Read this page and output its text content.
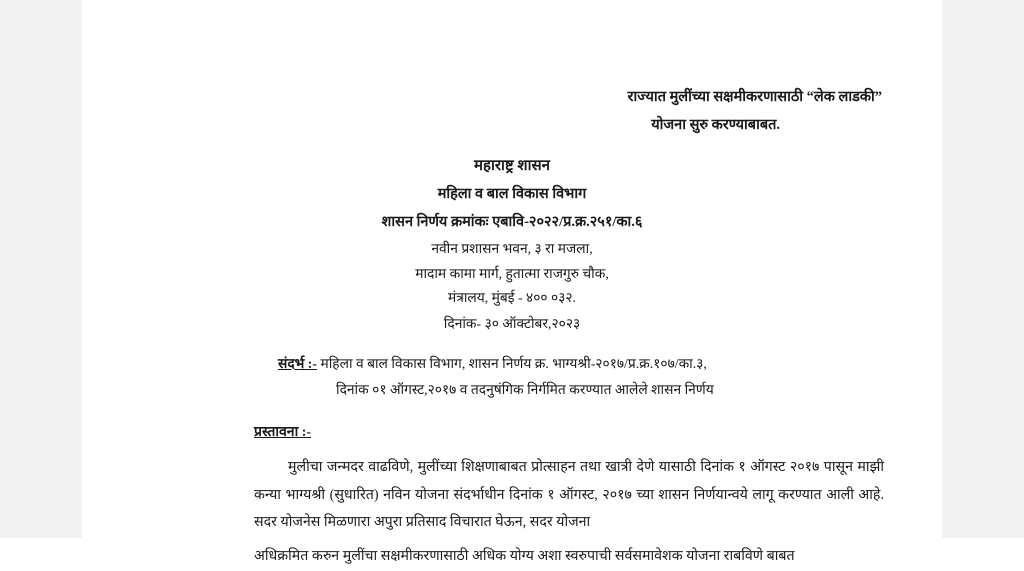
राज्यात मुलींच्या सक्षमीकरणासाठी “लेक लाडकी”
योजना सुरु करण्याबाबत.
महाराष्ट्र शासन
महिला व बाल विकास विभाग
शासन निर्णय क्रमांकः एबावि-२०२२/प्र.क्र.२५१/का.६
नवीन प्रशासन भवन, ३ रा मजला,
मादाम कामा मार्ग, हुतात्मा राजगुरु चौक,
मंत्रालय, मुंबई - ४०० ०३२.
दिनांक- ३० ऑक्टोबर,२०२३
संदर्भ :- महिला व बाल विकास विभाग, शासन निर्णय क्र. भाग्यश्री-२०१७/प्र.क्र.१०७/का.३,
दिनांक ०१ ऑगस्ट,२०१७ व तदनुषंगिक निर्गमित करण्यात आलेले शासन निर्णय
प्रस्तावना :-
मुलीचा जन्मदर वाढविणे, मुलींच्या शिक्षणाबाबत प्रोत्साहन तथा खात्री देणे यासाठी दिनांक १ ऑगस्ट २०१७ पासून माझी कन्या भाग्यश्री (सुधारित) नविन योजना संदर्भाधीन दिनांक १ ऑगस्ट, २०१७ च्या शासन निर्णयान्वये लागू करण्यात आली आहे. सदर योजनेस मिळणारा अपुरा प्रतिसाद विचारात घेऊन, सदर योजना
अधिक्रमित करुन मुलींचा सक्षमीकरणासाठी अधिक योग्य अशा स्वरुपाची सर्वसमावेशक योजना राबविणे बाबत
